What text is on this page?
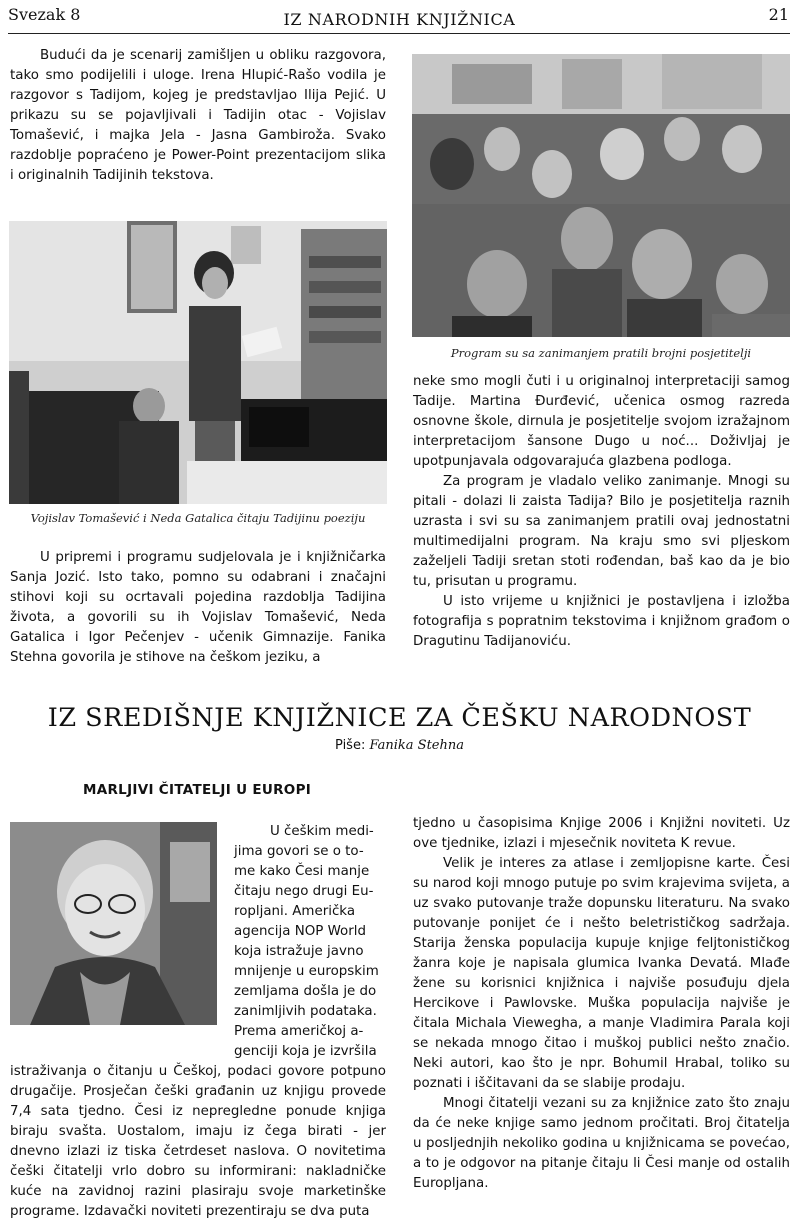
Svezak 8	IZ NARODNIH KNJIŽNICA	21

Budući da je scenarij zamišljen u obliku razgovora, tako smo podijelili i uloge. Irena Hlupić-Rašo vodila je razgovor s Tadijom, kojeg je predstavljao Ilija Pejić. U prikazu su se pojavljivali i Tadijin otac - Vojislav Tomašević, i majka Jela - Jasna Gambiroža. Svako razdoblje popraćeno je Power-Point prezentacijom slika i originalnih Tadijinih tekstova.

Vojislav Tomašević i Neda Gatalica čitaju Tadijinu poeziju
Program su sa zanimanjem pratili brojni posjetitelji

U pripremi i programu sudjelovala je i knjižničarka Sanja Jozić. Isto tako, pomno su odabrani i značajni stihovi koji su ocrtavali pojedina razdoblja Tadijina života, a govorili su ih Vojislav Tomašević, Neda Gatalica i Igor Pečenjev - učenik Gimnazije. Fanika Stehna govorila je stihove na češkom jeziku, a

neke smo mogli čuti i u originalnoj interpretaciji samog Tadije. Martina Đurđević, učenica osmog razreda osnovne škole, dirnula je posjetitelje svojom izražajnom interpretacijom šansone Dugo u noć... Doživljaj je upotpunjavala odgovarajuća glazbena podloga.

Za program je vladalo veliko zanimanje. Mnogi su pitali - dolazi li zaista Tadija? Bilo je posjetitelja raznih uzrasta i svi su sa zanimanjem pratili ovaj jednostatni multimedijalni program. Na kraju smo svi pljeskom zaželjeli Tadiji sretan stoti rođendan, baš kao da je bio tu, prisutan u programu.

U isto vrijeme u knjižnici je postavljena i izložba fotografija s popratnim tekstovima i knjižnom građom o Dragutinu Tadijanoviću.

IZ SREDIŠNJE KNJIŽNICE ZA ČEŠKU NARODNOST
Piše: Fanika Stehna
MARLJIVI ČITATELJI U EUROPI
U češkim medi-
jima govori se o to-
me kako Česi manje
čitaju nego drugi Eu-
ropljani. Američka
agencija NOP World
koja istražuje javno
mnijenje u europskim
zemljama došla je do
zanimljivih podataka.
Prema američkoj a-
genciji koja je izvršila

istraživanja o čitanju u Češkoj, podaci govore potpuno drugačije. Prosječan češki građanin uz knjigu provede 7,4 sata tjedno. Česi iz nepregledne ponude knjiga biraju svašta. Uostalom, imaju iz čega birati - jer dnevno izlazi iz tiska četrdeset naslova. O novitetima češki čitatelji vrlo dobro su informirani: nakladničke kuće na zavidnoj razini plasiraju svoje marketinške programe. Izdavački noviteti prezentiraju se dva puta

tjedno u časopisima Knjige 2006 i Knjižni noviteti. Uz ove tjednike, izlazi i mjesečnik noviteta K revue.

Velik je interes za atlase i zemljopisne karte. Česi su narod koji mnogo putuje po svim krajevima svijeta, a uz svako putovanje traže dopunsku literaturu. Na svako putovanje ponijet će i nešto beletrističkog sadržaja. Starija ženska populacija kupuje knjige feljtonističkog žanra koje je napisala glumica Ivanka Devatá. Mlađe žene su korisnici knjižnica i najviše posuđuju djela Hercikove i Pawlovske. Muška populacija najviše je čitala Michala Viewegha, a manje Vladimira Parala koji se nekada mnogo čitao i muškoj publici nešto značio. Neki autori, kao što je npr. Bohumil Hrabal, toliko su poznati i iščitavani da se slabije prodaju.

Mnogi čitatelji vezani su za knjižnice zato što znaju da će neke knjige samo jednom pročitati. Broj čitatelja u posljednjih nekoliko godina u knjižnicama se povećao, a to je odgovor na pitanje čitaju li Česi manje od ostalih Europljana.
